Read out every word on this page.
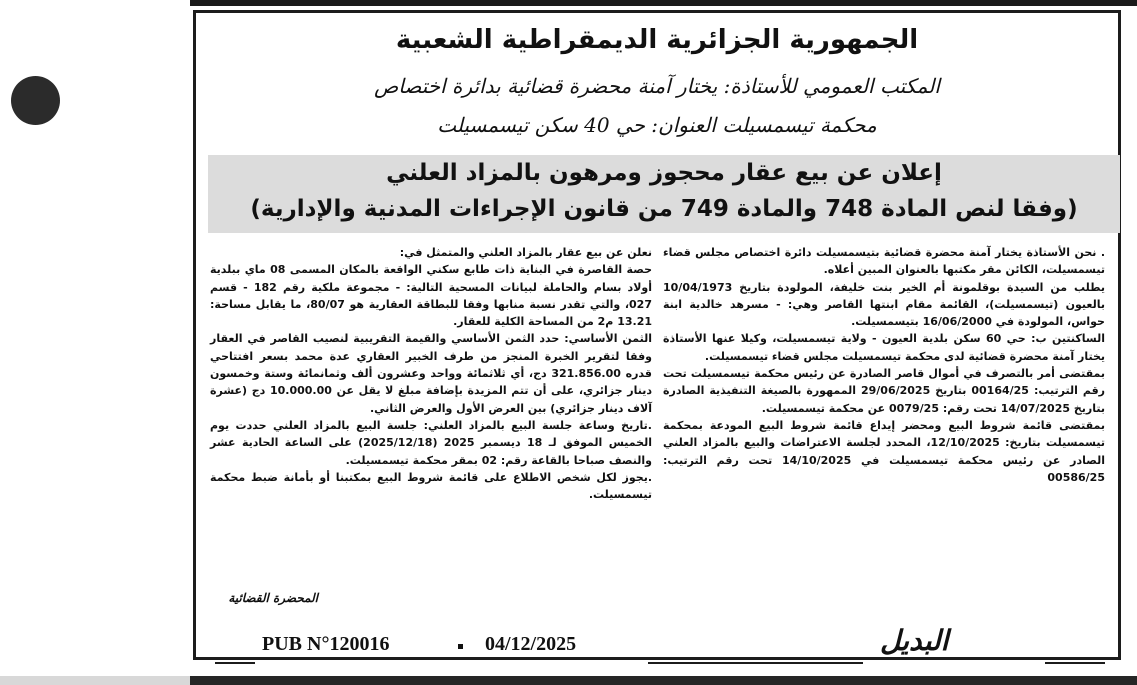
الجمهورية الجزائرية الديمقراطية الشعبية
المكتب العمومي للأستاذة: يختار آمنة محضرة قضائية بدائرة اختصاص
محكمة تيسمسيلت العنوان: حي 40 سكن تيسمسيلت
إعلان عن بيع عقار محجوز ومرهون بالمزاد العلني
(وفقا لنص المادة 748 والمادة 749 من قانون الإجراءات المدنية والإدارية)

. نحن الأستاذة يختار آمنة محضرة قضائية بتيسمسيلت دائرة اختصاص مجلس قضاء تيسمسيلت، الكائن مقر مكتبها بالعنوان المبين أعلاه.

يطلب من السيدة بوقلمونة أم الخير بنت خليفة، المولودة بتاريخ 10/04/1973 بالعيون (تيسمسيلت)، القائمة مقام ابنتها القاصر وهي: - مسرهد خالدية ابنة حواس، المولودة في 16/06/2000 بتيسمسيلت.

الساكنتين ب: حي 60 سكن بلدية العيون - ولاية تيسمسيلت، وكيلا عنها الأستاذة يختار آمنة محضرة قضائية لدى محكمة تيسمسيلت مجلس قضاء تيسمسيلت.

بمقتضى أمر بالتصرف في أموال قاصر الصادرة عن رئيس محكمة تيسمسيلت تحت رقم الترتيب: 00164/25 بتاريخ 29/06/2025 الممهورة بالصيغة التنفيذية الصادرة بتاريخ 14/07/2025 تحت رقم: 0079/25 عن محكمة تيسمسيلت.

بمقتضى قائمة شروط البيع ومحضر إيداع قائمة شروط البيع المودعة بمحكمة تيسمسيلت بتاريخ: 12/10/2025، المحدد لجلسة الاعتراضات والبيع بالمزاد العلني الصادر عن رئيس محكمة تيسمسيلت في 14/10/2025 تحت رقم الترتيب: 00586/25

نعلن عن بيع عقار بالمزاد العلني والمتمثل في:

حصة القاصرة في البناية ذات طابع سكني الواقعة بالمكان المسمى 08 ماي ببلدية أولاد بسام والحاملة لبيانات المسحية التالية: - مجموعة ملكية رقم 182 - قسم 027، والتي تقدر نسبة منابها وفقا للبطاقة العقارية هو 80/07، ما يقابل مساحة: 13.21 م2 من المساحة الكلية للعقار.

الثمن الأساسي: حدد الثمن الأساسي والقيمة التقريبية لنصيب القاصر في العقار وفقا لتقرير الخبرة المنجز من طرف الخبير العقاري عدة محمد بسعر افتتاحي قدره 321.856.00 دج، أي ثلاثمائة وواحد وعشرون ألف وثمانمائة وستة وخمسون دينار جزائري، على أن تتم المزيدة بإضافة مبلغ لا يقل عن 10.000.00 دج (عشرة آلاف دينار جزائري) بين العرض الأول والعرض الثاني.

.تاريخ وساعة جلسة البيع بالمزاد العلني: جلسة البيع بالمزاد العلني حددت يوم الخميس الموفق لـ 18 ديسمبر 2025 (2025/12/18) على الساعة الحادية عشر والنصف صباحا بالقاعة رقم: 02 بمقر محكمة تيسمسيلت.

.يجوز لكل شخص الاطلاع على قائمة شروط البيع بمكتبنا أو بأمانة ضبط محكمة تيسمسيلت.

المحضرة القضائية
PUB N°120016	04/12/2025	البديل
